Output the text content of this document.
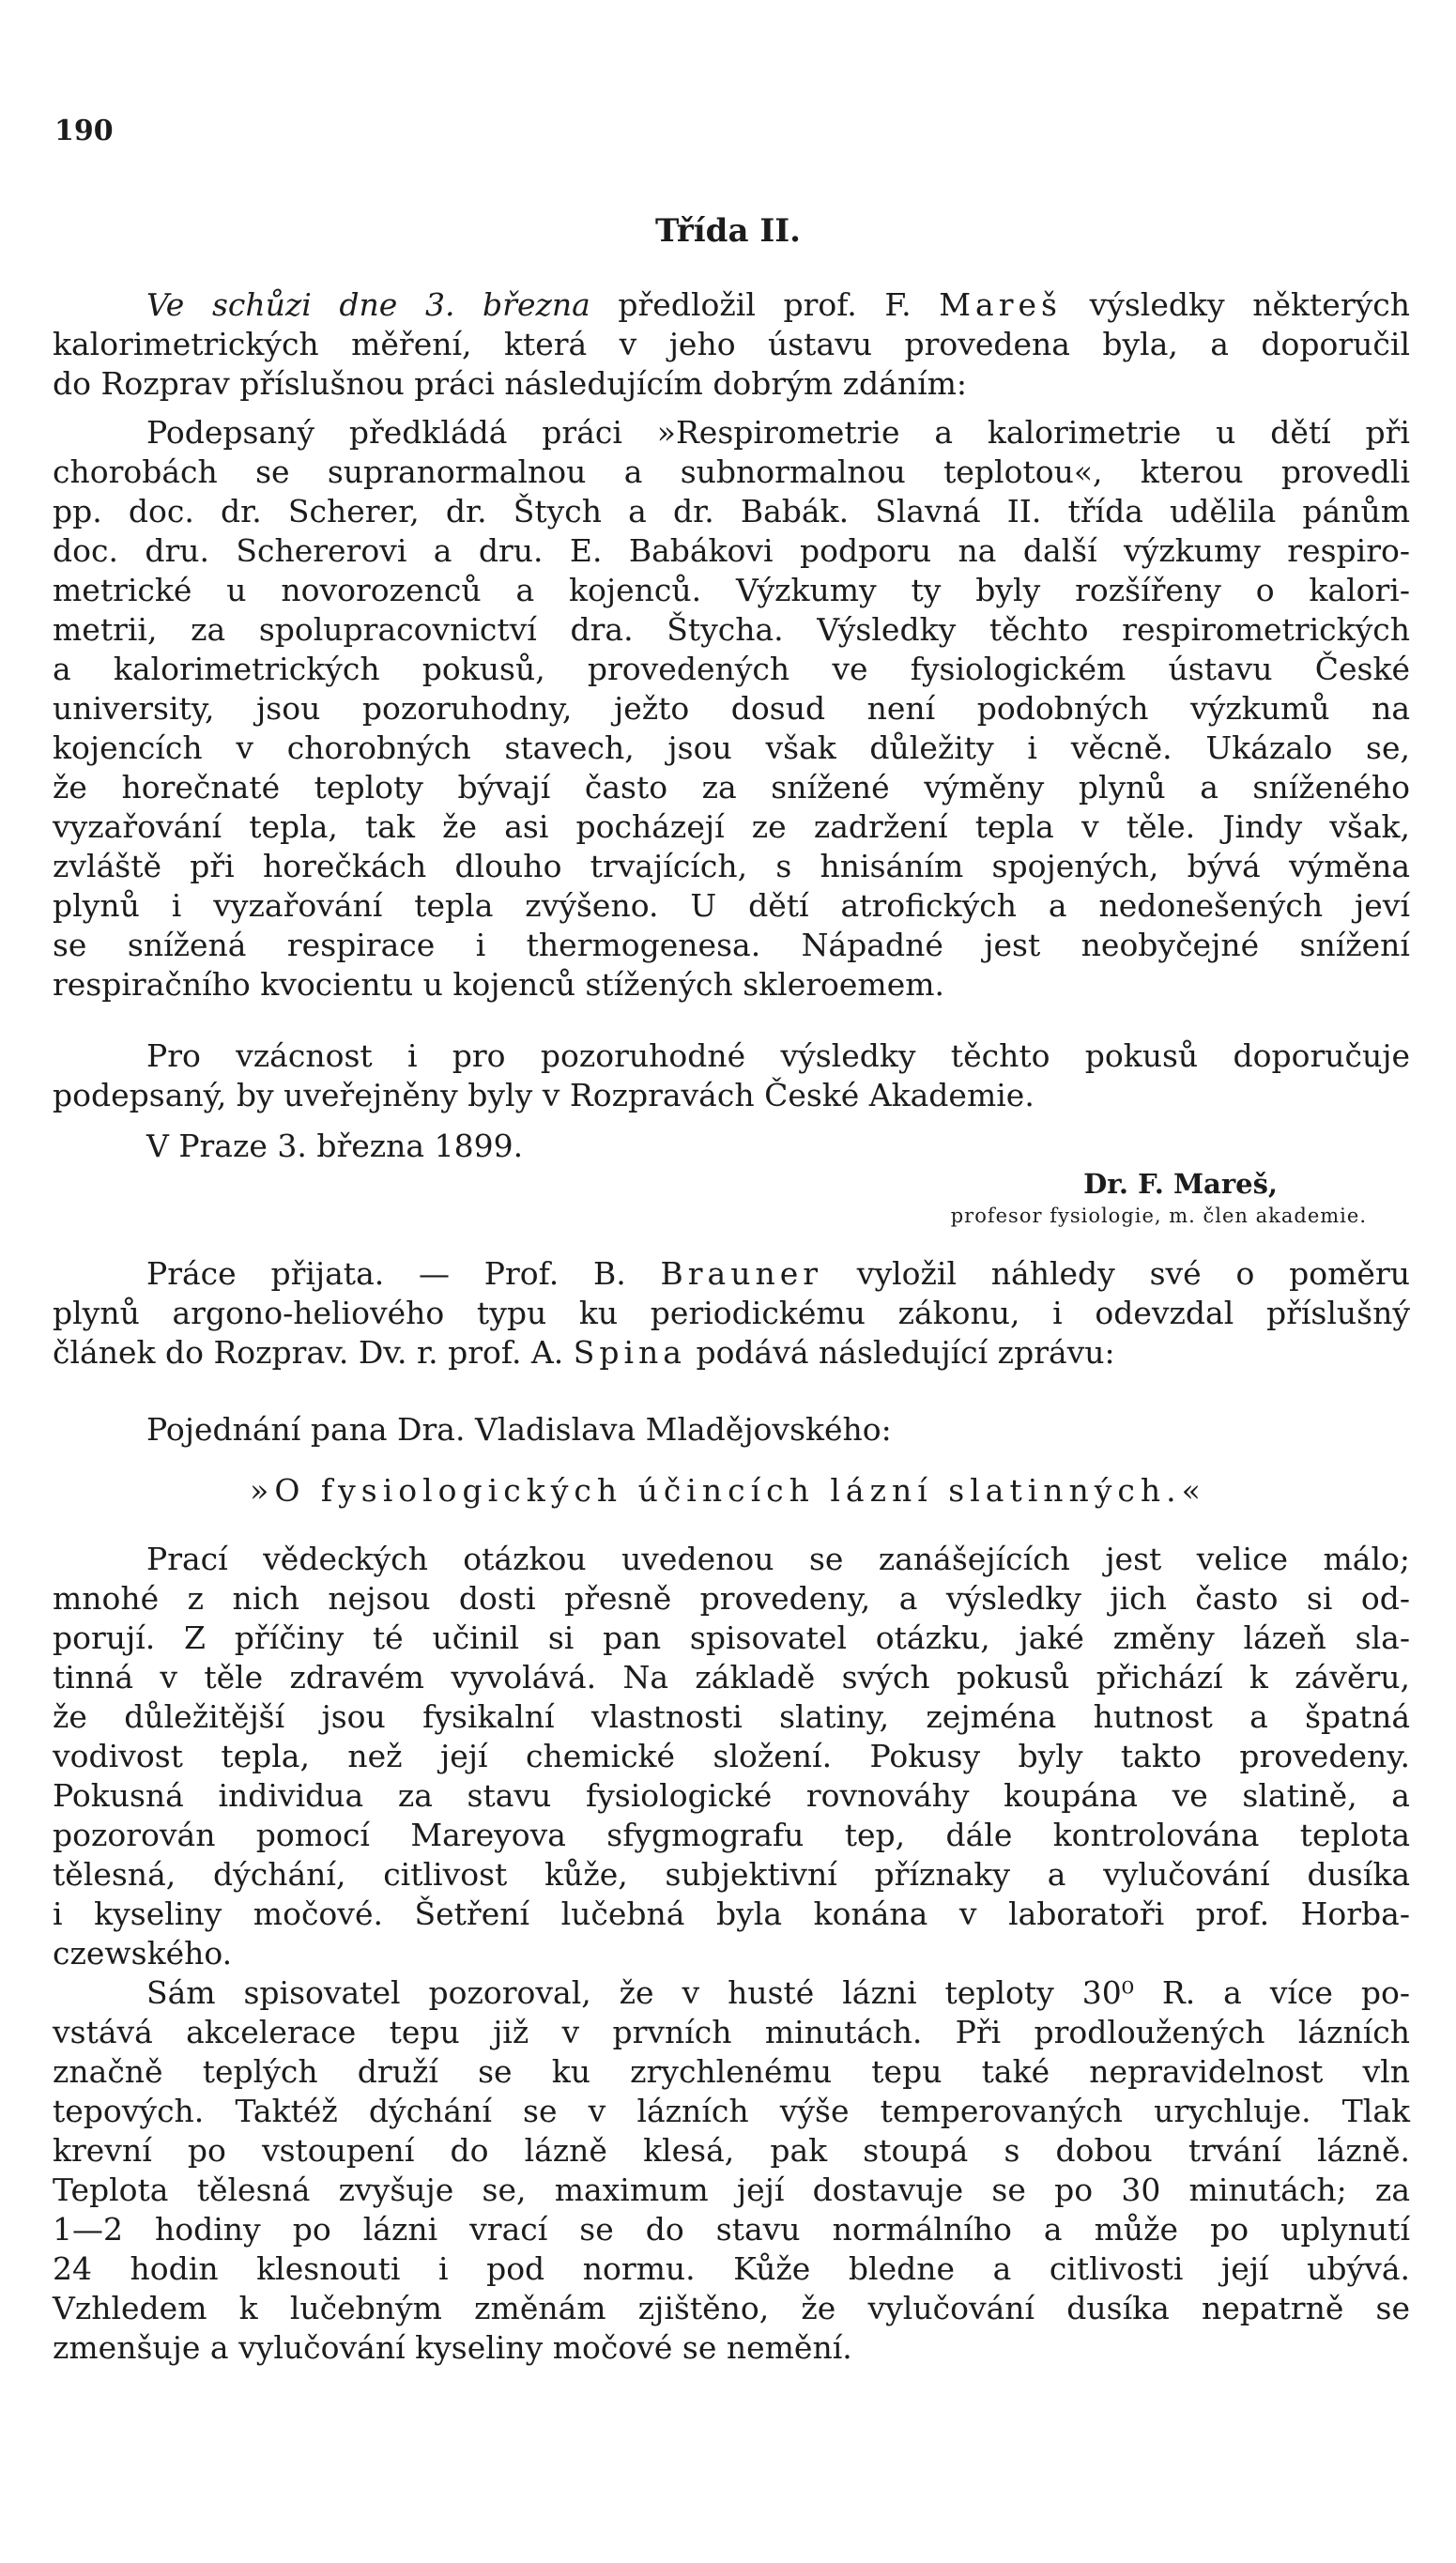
190
Třída II.
Ve schůzi dne 3. března předložil prof. F. Mareš výsledky některých
kalorimetrických měření, která v jeho ústavu provedena byla, a doporučil
do Rozprav příslušnou práci následujícím dobrým zdáním:
Podepsaný předkládá práci »Respirometrie a kalorimetrie u dětí při
chorobách se supranormalnou a subnormalnou teplotou«, kterou provedli
pp. doc. dr. Scherer, dr. Štych a dr. Babák. Slavná II. třída udělila pánům
doc. dru. Schererovi a dru. E. Babákovi podporu na další výzkumy respiro-
metrické u novorozenců a kojenců. Výzkumy ty byly rozšířeny o kalori-
metrii, za spolupracovnictví dra. Štycha. Výsledky těchto respirometrických
a kalorimetrických pokusů, provedených ve fysiologickém ústavu České
university, jsou pozoruhodny, ježto dosud není podobných výzkumů na
kojencích v chorobných stavech, jsou však důležity i věcně. Ukázalo se,
že horečnaté teploty bývají často za snížené výměny plynů a sníženého
vyzařování tepla, tak že asi pocházejí ze zadržení tepla v těle. Jindy však,
zvláště při horečkách dlouho trvajících, s hnisáním spojených, bývá výměna
plynů i vyzařování tepla zvýšeno. U dětí atrofických a nedonešených jeví
se snížená respirace i thermogenesa. Nápadné jest neobyčejné snížení
respiračního kvocientu u kojenců stížených skleroemem.
Pro vzácnost i pro pozoruhodné výsledky těchto pokusů doporučuje
podepsaný, by uveřejněny byly v Rozpravách České Akademie.
V Praze 3. března 1899.
Dr. F. Mareš,
profesor fysiologie, m. člen akademie.
Práce přijata. — Prof. B. Brauner vyložil náhledy své o poměru
plynů argono-heliového typu ku periodickému zákonu, i odevzdal příslušný
článek do Rozprav. Dv. r. prof. A. Spina podává následující zprávu:
Pojednání pana Dra. Vladislava Mladějovského:
»O fysiologických účincích lázní slatinných.«
Prací vědeckých otázkou uvedenou se zanášejících jest velice málo;
mnohé z nich nejsou dosti přesně provedeny, a výsledky jich často si od-
porují. Z příčiny té učinil si pan spisovatel otázku, jaké změny lázeň sla-
tinná v těle zdravém vyvolává. Na základě svých pokusů přichází k závěru,
že důležitější jsou fysikalní vlastnosti slatiny, zejména hutnost a špatná
vodivost tepla, než její chemické složení. Pokusy byly takto provedeny.
Pokusná individua za stavu fysiologické rovnováhy koupána ve slatině, a
pozorován pomocí Mareyova sfygmografu tep, dále kontrolována teplota
tělesná, dýchání, citlivost kůže, subjektivní příznaky a vylučování dusíka
i kyseliny močové. Šetření lučebná byla konána v laboratoři prof. Horba-
czewského.
Sám spisovatel pozoroval, že v husté lázni teploty 30⁰ R. a více po-
vstává akcelerace tepu již v prvních minutách. Při prodloužených lázních
značně teplých druží se ku zrychlenému tepu také nepravidelnost vln
tepových. Taktéž dýchání se v lázních výše temperovaných urychluje. Tlak
krevní po vstoupení do lázně klesá, pak stoupá s dobou trvání lázně.
Teplota tělesná zvyšuje se, maximum její dostavuje se po 30 minutách; za
1—2 hodiny po lázni vrací se do stavu normálního a může po uplynutí
24 hodin klesnouti i pod normu. Kůže bledne a citlivosti její ubývá.
Vzhledem k lučebným změnám zjištěno, že vylučování dusíka nepatrně se
zmenšuje a vylučování kyseliny močové se nemění.
